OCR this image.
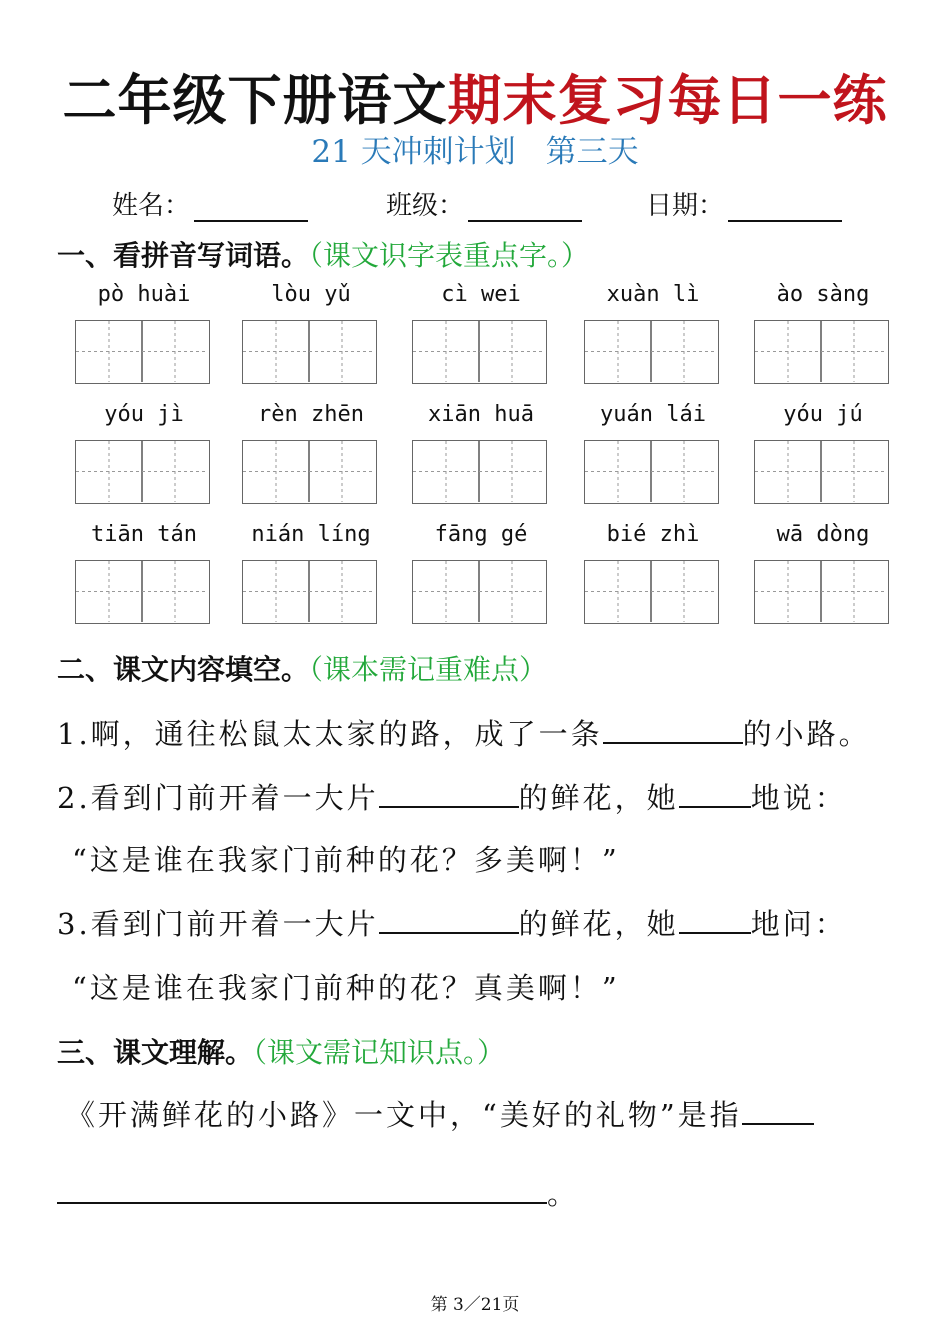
二年级下册语文期末复习每日一练
21 天冲刺计划 第三天
姓名：	班级：	日期：
一、看拼音写词语。（课文识字表重点字。）
pò huài	lòu yǔ	cì wei	xuàn lì	ào sàng
yóu jì	rèn zhēn	xiān huā	yuán lái	yóu jú
tiān tán	nián líng	fāng gé	bié zhì	wā dòng
二、课文内容填空。（课本需记重难点）
1.啊，通往松鼠太太家的路，成了一条	的小路。
2.看到门前开着一大片	的鲜花，她 地说：
“这是谁在我家门前种的花？多美啊！”
3.看到门前开着一大片	的鲜花，她 地问：
“这是谁在我家门前种的花？真美啊！”
三、课文理解。（课文需记知识点。）
《开满鲜花的小路》一文中，“美好的礼物”是指
。
第 3／21页
